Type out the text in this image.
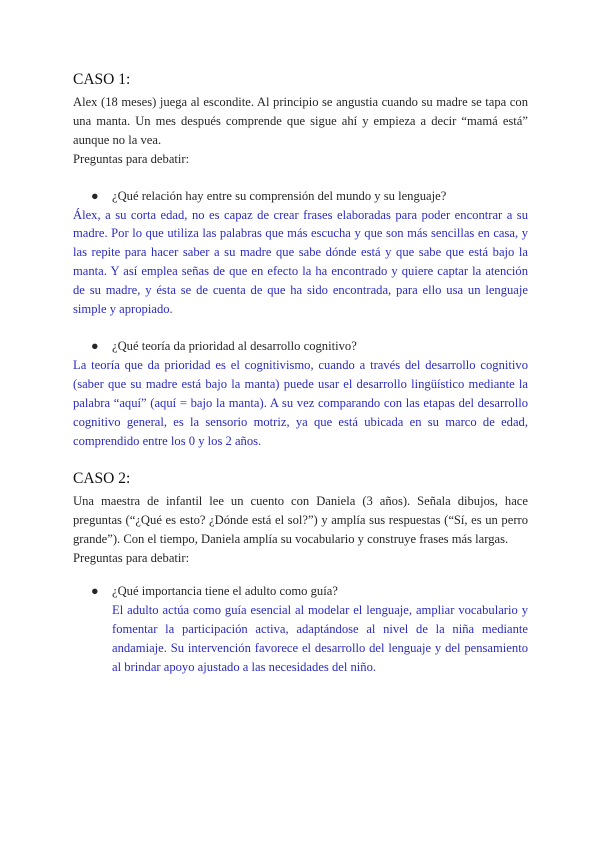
CASO 1:

Alex (18 meses) juega al escondite. Al principio se angustia cuando su madre se tapa con una manta. Un mes después comprende que sigue ahí y empieza a decir “mamá está” aunque no la vea.

Preguntas para debatir:

● ¿Qué relación hay entre su comprensión del mundo y su lenguaje?

Álex, a su corta edad, no es capaz de crear frases elaboradas para poder encontrar a su madre. Por lo que utiliza las palabras que más escucha y que son más sencillas en casa, y las repite para hacer saber a su madre que sabe dónde está y que sabe que está bajo la manta. Y así emplea señas de que en efecto la ha encontrado y quiere captar la atención de su madre, y ésta se de cuenta de que ha sido encontrada, para ello usa un lenguaje simple y apropiado.

● ¿Qué teoría da prioridad al desarrollo cognitivo?

La teoría que da prioridad es el cognitivismo, cuando a través del desarrollo cognitivo (saber que su madre está bajo la manta) puede usar el desarrollo lingüístico mediante la palabra “aquí” (aquí = bajo la manta). A su vez comparando con las etapas del desarrollo cognitivo general, es la sensorio motriz, ya que está ubicada en su marco de edad, comprendido entre los 0 y los 2 años.

CASO 2:

Una maestra de infantil lee un cuento con Daniela (3 años). Señala dibujos, hace preguntas (“¿Qué es esto? ¿Dónde está el sol?”) y amplía sus respuestas (“Sí, es un perro grande”). Con el tiempo, Daniela amplía su vocabulario y construye frases más largas.

Preguntas para debatir:

● ¿Qué importancia tiene el adulto como guía?

El adulto actúa como guía esencial al modelar el lenguaje, ampliar vocabulario y fomentar la participación activa, adaptándose al nivel de la niña mediante andamiaje. Su intervención favorece el desarrollo del lenguaje y del pensamiento al brindar apoyo ajustado a las necesidades del niño.
